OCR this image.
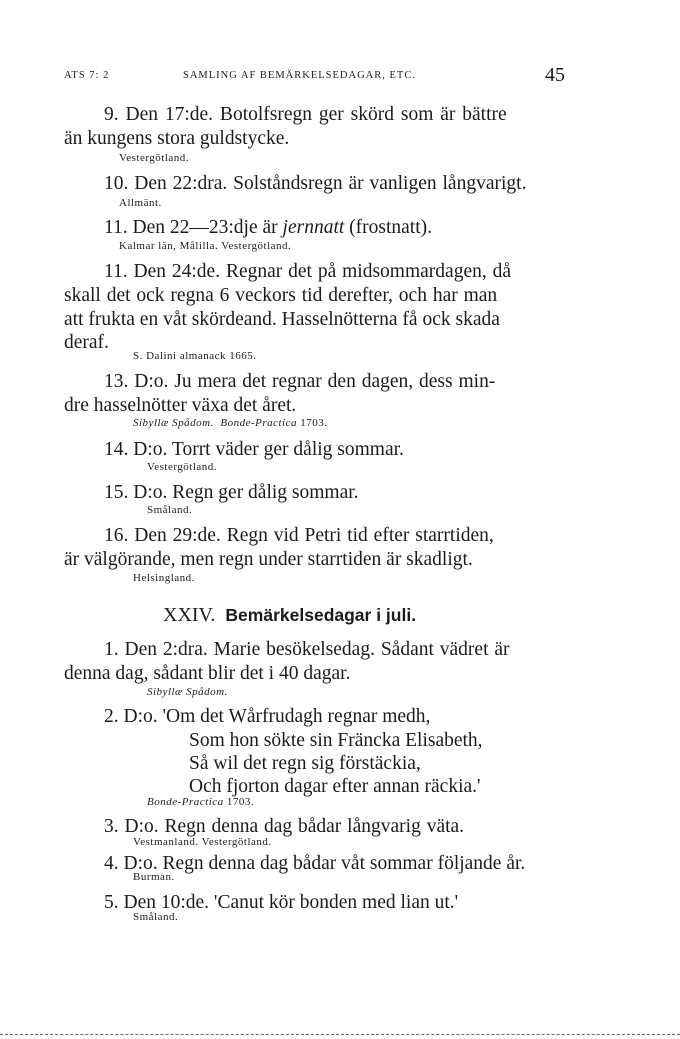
ATS 7: 2	SAMLING AF BEMÄRKELSEDAGAR, ETC.	45
9. Den 17:de. Botolfsregn ger skörd som är bättre
än kungens stora guldstycke.
Vestergötland.
10. Den 22:dra. Solståndsregn är vanligen långvarigt.
Allmänt.
11. Den 22—23:dje är jernnatt (frostnatt).
Kalmar län, Målilla. Vestergötland.
11. Den 24:de. Regnar det på midsommardagen, då
skall det ock regna 6 veckors tid derefter, och har man
att frukta en våt skördeand. Hasselnötterna få ock skada
deraf.
S. Dalini almanack 1665.
13. D:o. Ju mera det regnar den dagen, dess min-
dre hasselnötter växa det året.
Sibyllæ Spådom. Bonde-Practica 1703.
14. D:o. Torrt väder ger dålig sommar.
Vestergötland.
15. D:o. Regn ger dålig sommar.
Småland.
16. Den 29:de. Regn vid Petri tid efter starrtiden,
är välgörande, men regn under starrtiden är skadligt.
Helsingland.
XXIV. Bemärkelsedagar i juli.
1. Den 2:dra. Marie besökelsedag. Sådant vädret är
denna dag, sådant blir det i 40 dagar.
Sibyllæ Spådom.
2. D:o. 'Om det Wårfrudagh regnar medh,
Som hon sökte sin Fräncka Elisabeth,
Så wil det regn sig förstäckia,
Och fjorton dagar efter annan räckia.'
Bonde-Practica 1703.
3. D:o. Regn denna dag bådar långvarig väta.
Vestmanland. Vestergötland.
4. D:o. Regn denna dag bådar våt sommar följande år.
Burman.
5. Den 10:de. 'Canut kör bonden med lian ut.'
Småland.
